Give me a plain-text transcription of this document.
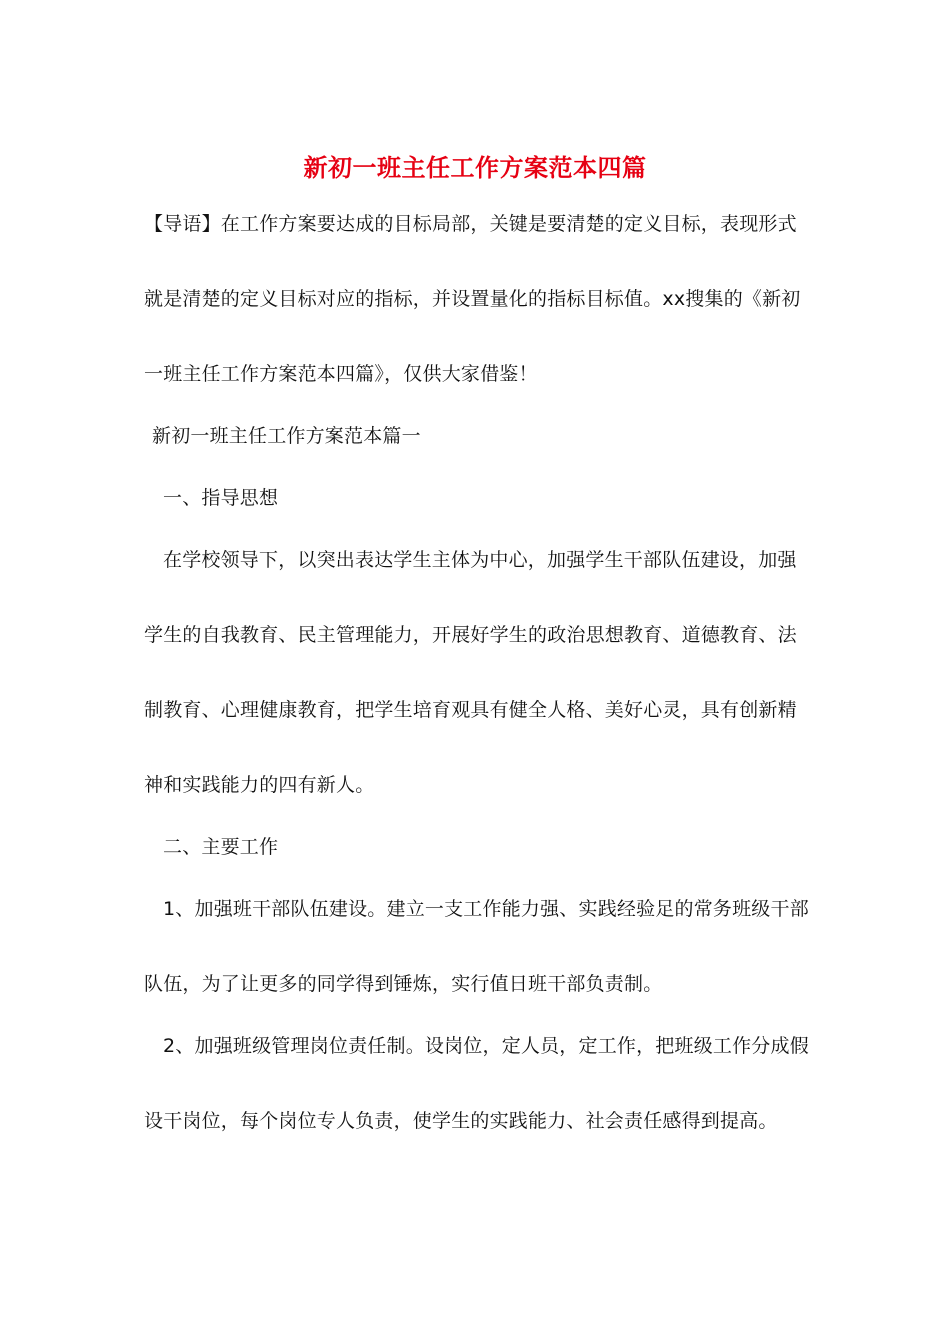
新初一班主任工作方案范本四篇
【导语】在工作方案要达成的目标局部，关键是要清楚的定义目标，表现形式
就是清楚的定义目标对应的指标，并设置量化的指标目标值。xx搜集的《新初
一班主任工作方案范本四篇》，仅供大家借鉴！
新初一班主任工作方案范本篇一
一、指导思想
在学校领导下，以突出表达学生主体为中心，加强学生干部队伍建设，加强
学生的自我教育、民主管理能力，开展好学生的政治思想教育、道德教育、法
制教育、心理健康教育，把学生培育观具有健全人格、美好心灵，具有创新精
神和实践能力的四有新人。
二、主要工作
1、加强班干部队伍建设。建立一支工作能力强、实践经验足的常务班级干部
队伍，为了让更多的同学得到锤炼，实行值日班干部负责制。
2、加强班级管理岗位责任制。设岗位，定人员，定工作，把班级工作分成假
设干岗位，每个岗位专人负责，使学生的实践能力、社会责任感得到提高。
